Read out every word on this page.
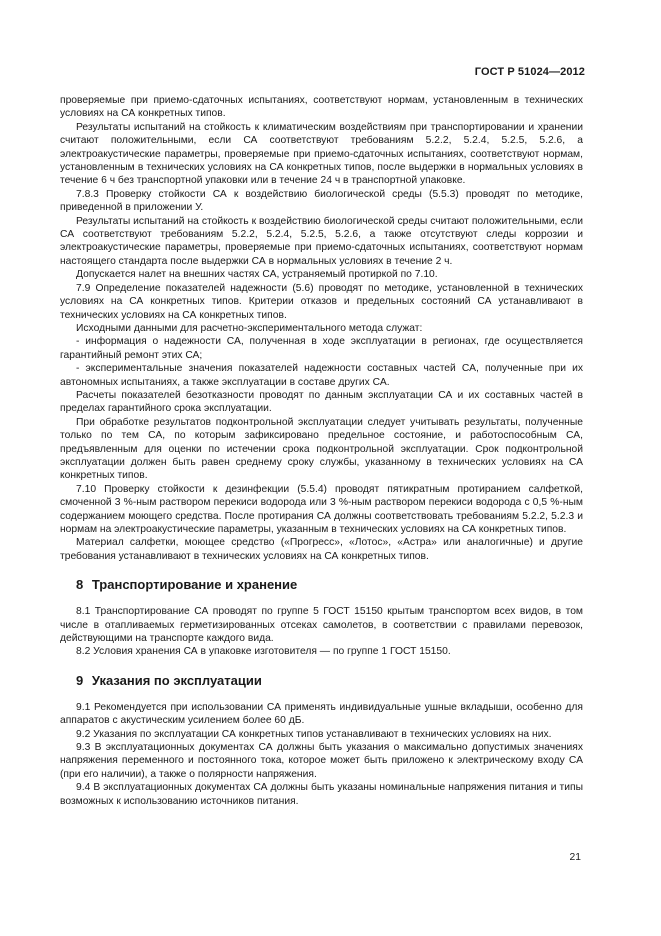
ГОСТ Р 51024—2012

проверяемые при приемо-сдаточных испытаниях, соответствуют нормам, установленным в технических условиях на СА конкретных типов.

Результаты испытаний на стойкость к климатическим воздействиям при транспортировании и хранении считают положительными, если СА соответствуют требованиям 5.2.2, 5.2.4, 5.2.5, 5.2.6, а электроакустические параметры, проверяемые при приемо-сдаточных испытаниях, соответствуют нормам, установленным в технических условиях на СА конкретных типов, после выдержки в нормальных условиях в течение 6 ч без транспортной упаковки или в течение 24 ч в транспортной упаковке.

7.8.3 Проверку стойкости СА к воздействию биологической среды (5.5.3) проводят по методике, приведенной в приложении У.

Результаты испытаний на стойкость к воздействию биологической среды считают положительными, если СА соответствуют требованиям 5.2.2, 5.2.4, 5.2.5, 5.2.6, а также отсутствуют следы коррозии и электроакустические параметры, проверяемые при приемо-сдаточных испытаниях, соответствуют нормам настоящего стандарта после выдержки СА в нормальных условиях в течение 2 ч.

Допускается налет на внешних частях СА, устраняемый протиркой по 7.10.

7.9 Определение показателей надежности (5.6) проводят по методике, установленной в технических условиях на СА конкретных типов. Критерии отказов и предельных состояний СА устанавливают в технических условиях на СА конкретных типов.

Исходными данными для расчетно-экспериментального метода служат:

- информация о надежности СА, полученная в ходе эксплуатации в регионах, где осуществляется гарантийный ремонт этих СА;

- экспериментальные значения показателей надежности составных частей СА, полученные при их автономных испытаниях, а также эксплуатации в составе других СА.

Расчеты показателей безотказности проводят по данным эксплуатации СА и их составных частей в пределах гарантийного срока эксплуатации.

При обработке результатов подконтрольной эксплуатации следует учитывать результаты, полученные только по тем СА, по которым зафиксировано предельное состояние, и работоспособным СА, предъявленным для оценки по истечении срока подконтрольной эксплуатации. Срок подконтрольной эксплуатации должен быть равен среднему сроку службы, указанному в технических условиях на СА конкретных типов.

7.10 Проверку стойкости к дезинфекции (5.5.4) проводят пятикратным протиранием салфеткой, смоченной 3 %-ным раствором перекиси водорода или 3 %-ным раствором перекиси водорода с 0,5 %-ным содержанием моющего средства. После протирания СА должны соответствовать требованиям 5.2.2, 5.2.3 и нормам на электроакустические параметры, указанным в технических условиях на СА конкретных типов.

Материал салфетки, моющее средство («Прогресс», «Лотос», «Астра» или аналогичные) и другие требования устанавливают в технических условиях на СА конкретных типов.

8 Транспортирование и хранение

8.1 Транспортирование СА проводят по группе 5 ГОСТ 15150 крытым транспортом всех видов, в том числе в отапливаемых герметизированных отсеках самолетов, в соответствии с правилами перевозок, действующими на транспорте каждого вида.

8.2 Условия хранения СА в упаковке изготовителя — по группе 1 ГОСТ 15150.

9 Указания по эксплуатации

9.1 Рекомендуется при использовании СА применять индивидуальные ушные вкладыши, особенно для аппаратов с акустическим усилением более 60 дБ.

9.2 Указания по эксплуатации СА конкретных типов устанавливают в технических условиях на них.

9.3 В эксплуатационных документах СА должны быть указания о максимально допустимых значениях напряжения переменного и постоянного тока, которое может быть приложено к электрическому входу СА (при его наличии), а также о полярности напряжения.

9.4 В эксплуатационных документах СА должны быть указаны номинальные напряжения питания и типы возможных к использованию источников питания.

21
